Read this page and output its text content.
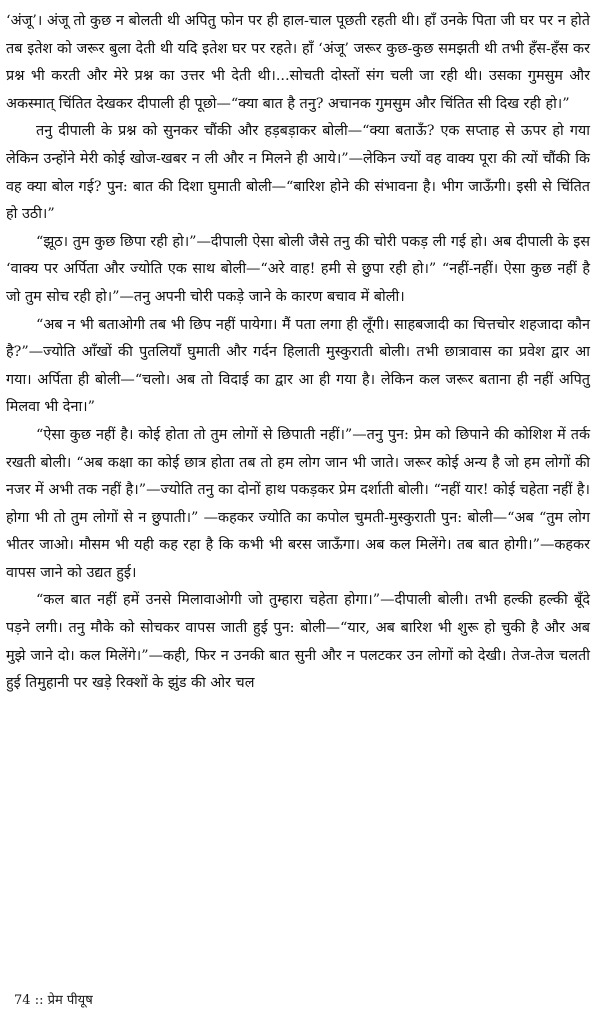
‘अंजू’। अंजू तो कुछ न बोलती थी अपितु फोन पर ही हाल-चाल पूछती रहती थी। हाँ उनके पिता जी घर पर न होते तब इतेश को जरूर बुला देती थी यदि इतेश घर पर रहते। हाँ ‘अंजू’ जरूर कुछ-कुछ समझती थी तभी हँस-हँस कर प्रश्न भी करती और मेरे प्रश्न का उत्तर भी देती थी।...सोचती दोस्तों संग चली जा रही थी। उसका गुमसुम और अकस्मात् चिंतित देखकर दीपाली ही पूछो—“क्या बात है तनु? अचानक गुमसुम और चिंतित सी दिख रही हो।”

तनु दीपाली के प्रश्न को सुनकर चौंकी और हड़बड़ाकर बोली—“क्या बताऊँ? एक सप्ताह से ऊपर हो गया लेकिन उन्होंने मेरी कोई खोज-खबर न ली और न मिलने ही आये।”—लेकिन ज्यों वह वाक्य पूरा की त्यों चौंकी कि वह क्या बोल गई? पुन: बात की दिशा घुमाती बोली—“बारिश होने की संभावना है। भीग जाऊँगी। इसी से चिंतित हो उठी।”

“झूठ। तुम कुछ छिपा रही हो।”—दीपाली ऐसा बोली जैसे तनु की चोरी पकड़ ली गई हो। अब दीपाली के इस ‘वाक्य पर अर्पिता और ज्योति एक साथ बोली—“अरे वाह! हमी से छुपा रही हो।” “नहीं-नहीं। ऐसा कुछ नहीं है जो तुम सोच रही हो।”—तनु अपनी चोरी पकड़े जाने के कारण बचाव में बोली।

“अब न भी बताओगी तब भी छिप नहीं पायेगा। मैं पता लगा ही लूँगी। साहबजादी का चित्तचोर शहजादा कौन है?”—ज्योति आँखों की पुतलियाँ घुमाती और गर्दन हिलाती मुस्कुराती बोली। तभी छात्रावास का प्रवेश द्वार आ गया। अर्पिता ही बोली—“चलो। अब तो विदाई का द्वार आ ही गया है। लेकिन कल जरूर बताना ही नहीं अपितु मिलवा भी देना।”

“ऐसा कुछ नहीं है। कोई होता तो तुम लोगों से छिपाती नहीं।”—तनु पुन: प्रेम को छिपाने की कोशिश में तर्क रखती बोली। “अब कक्षा का कोई छात्र होता तब तो हम लोग जान भी जाते। जरूर कोई अन्य है जो हम लोगों की नजर में अभी तक नहीं है।”—ज्योति तनु का दोनों हाथ पकड़कर प्रेम दर्शाती बोली। “नहीं यार! कोई चहेता नहीं है। होगा भी तो तुम लोगों से न छुपाती।” —कहकर ज्योति का कपोल चुमती-मुस्कुराती पुन: बोली—“अब “तुम लोग भीतर जाओ। मौसम भी यही कह रहा है कि कभी भी बरस जाऊँगा। अब कल मिलेंगे। तब बात होगी।”—कहकर वापस जाने को उद्यत हुई।

“कल बात नहीं हमें उनसे मिलावाओगी जो तुम्हारा चहेता होगा।”—दीपाली बोली। तभी हल्की हल्की बूँदे पड़ने लगी। तनु मौके को सोचकर वापस जाती हुई पुन: बोली—“यार, अब बारिश भी शुरू हो चुकी है और अब मुझे जाने दो। कल मिलेंगे।”—कही, फिर न उनकी बात सुनी और न पलटकर उन लोगों को देखी। तेज-तेज चलती हुई तिमुहानी पर खड़े रिक्शों के झुंड की ओर चल

74 :: प्रेम पीयूष
